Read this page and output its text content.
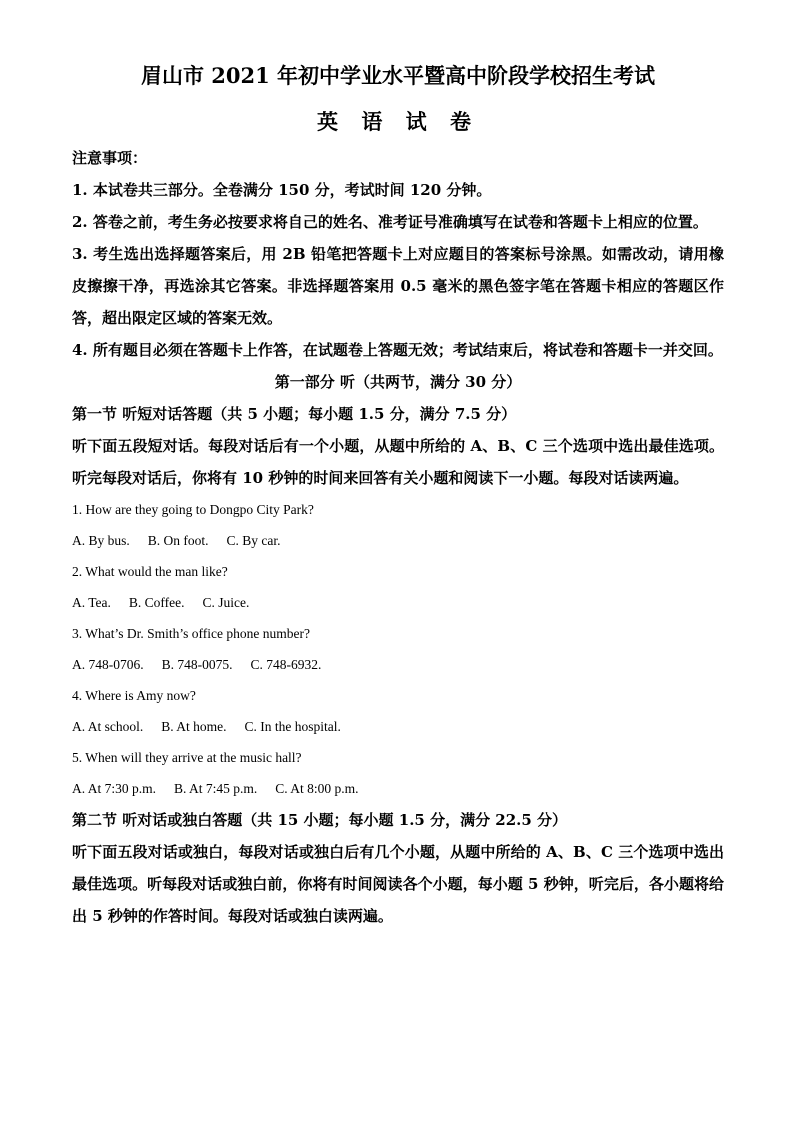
眉山市 2021 年初中学业水平暨高中阶段学校招生考试

英 语 试 卷

注意事项：

1. 本试卷共三部分。全卷满分 150 分，考试时间 120 分钟。

2. 答卷之前，考生务必按要求将自己的姓名、准考证号准确填写在试卷和答题卡上相应的位置。

3. 考生选出选择题答案后，用 2B 铅笔把答题卡上对应题目的答案标号涂黑。如需改动，请用橡皮擦擦干净，再选涂其它答案。非选择题答案用 0.5 毫米的黑色签字笔在答题卡相应的答题区作答，超出限定区域的答案无效。

4. 所有题目必须在答题卡上作答，在试题卷上答题无效；考试结束后，将试卷和答题卡一并交回。

第一部分 听（共两节，满分 30 分）

第一节 听短对话答题（共 5 小题；每小题 1.5 分，满分 7.5 分）

听下面五段短对话。每段对话后有一个小题，从题中所给的 A、B、C 三个选项中选出最佳选项。听完每段对话后，你将有 10 秒钟的时间来回答有关小题和阅读下一小题。每段对话读两遍。

1. How are they going to Dongpo City Park?

A. By bus. B. On foot. C. By car.

2. What would the man like?

A. Tea. B. Coffee. C. Juice.

3. What’s Dr. Smith’s office phone number?

A. 748-0706. B. 748-0075. C. 748-6932.

4. Where is Amy now?

A. At school. B. At home. C. In the hospital.

5. When will they arrive at the music hall?

A. At 7:30 p.m. B. At 7:45 p.m. C. At 8:00 p.m.

第二节 听对话或独白答题（共 15 小题；每小题 1.5 分，满分 22.5 分）

听下面五段对话或独白，每段对话或独白后有几个小题，从题中所给的 A、B、C 三个选项中选出最佳选项。听每段对话或独白前，你将有时间阅读各个小题，每小题 5 秒钟，听完后，各小题将给出 5 秒钟的作答时间。每段对话或独白读两遍。
